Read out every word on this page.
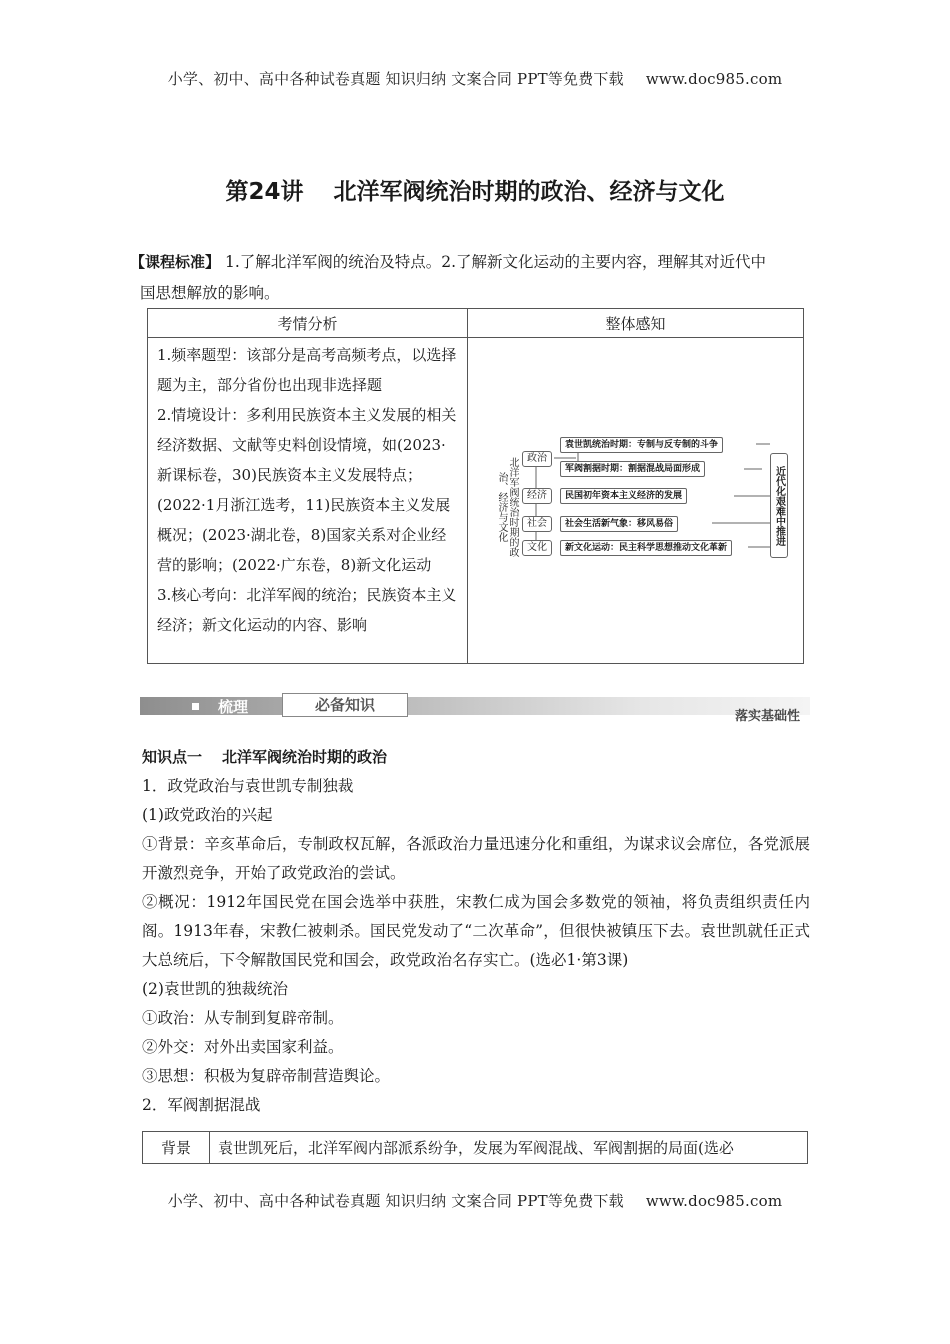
小学、初中、高中各种试卷真题 知识归纳 文案合同 PPT等免费下载 www.doc985.com
第24讲 北洋军阀统治时期的政治、经济与文化
【课程标准】 1.了解北洋军阀的统治及特点。2.了解新文化运动的主要内容，理解其对近代中
国思想解放的影响。
考情分析	整体感知

1.频率题型：该部分是高考高频考点，以选择题为主，部分省份也出现非选择题

2.情境设计：多利用民族资本主义发展的相关经济数据、文献等史料创设情境，如(2023·新课标卷，30)民族资本主义发展特点；(2022·1月浙江选考，11)民族资本主义发展概况；(2023·湖北卷，8)国家关系对企业经营的影响；(2022·广东卷，8)新文化运动

3.核心考向：北洋军阀的统治；民族资本主义经济；新文化运动的内容、影响	

北洋军阀统治时期的政治、经济与文化
政治
经济
社会
文化
袁世凯统治时期：专制与反专制的斗争
军阀割据时期：割据混战局面形成
民国初年资本主义经济的发展
社会生活新气象：移风易俗
新文化运动：民主科学思想推动文化革新
近代化艰难中推进
梳理	必备知识
落实基础性

知识点一 北洋军阀统治时期的政治

1．政党政治与袁世凯专制独裁

(1)政党政治的兴起

①背景：辛亥革命后，专制政权瓦解，各派政治力量迅速分化和重组，为谋求议会席位，各党派展开激烈竞争，开始了政党政治的尝试。

②概况：1912年国民党在国会选举中获胜，宋教仁成为国会多数党的领袖，将负责组织责任内阁。1913年春，宋教仁被刺杀。国民党发动了“二次革命”，但很快被镇压下去。袁世凯就任正式大总统后，下令解散国民党和国会，政党政治名存实亡。(选必1·第3课)

(2)袁世凯的独裁统治

①政治：从专制到复辟帝制。

②外交：对外出卖国家利益。

③思想：积极为复辟帝制营造舆论。

2．军阀割据混战

背景	袁世凯死后，北洋军阀内部派系纷争，发展为军阀混战、军阀割据的局面(选必
小学、初中、高中各种试卷真题 知识归纳 文案合同 PPT等免费下载 www.doc985.com
